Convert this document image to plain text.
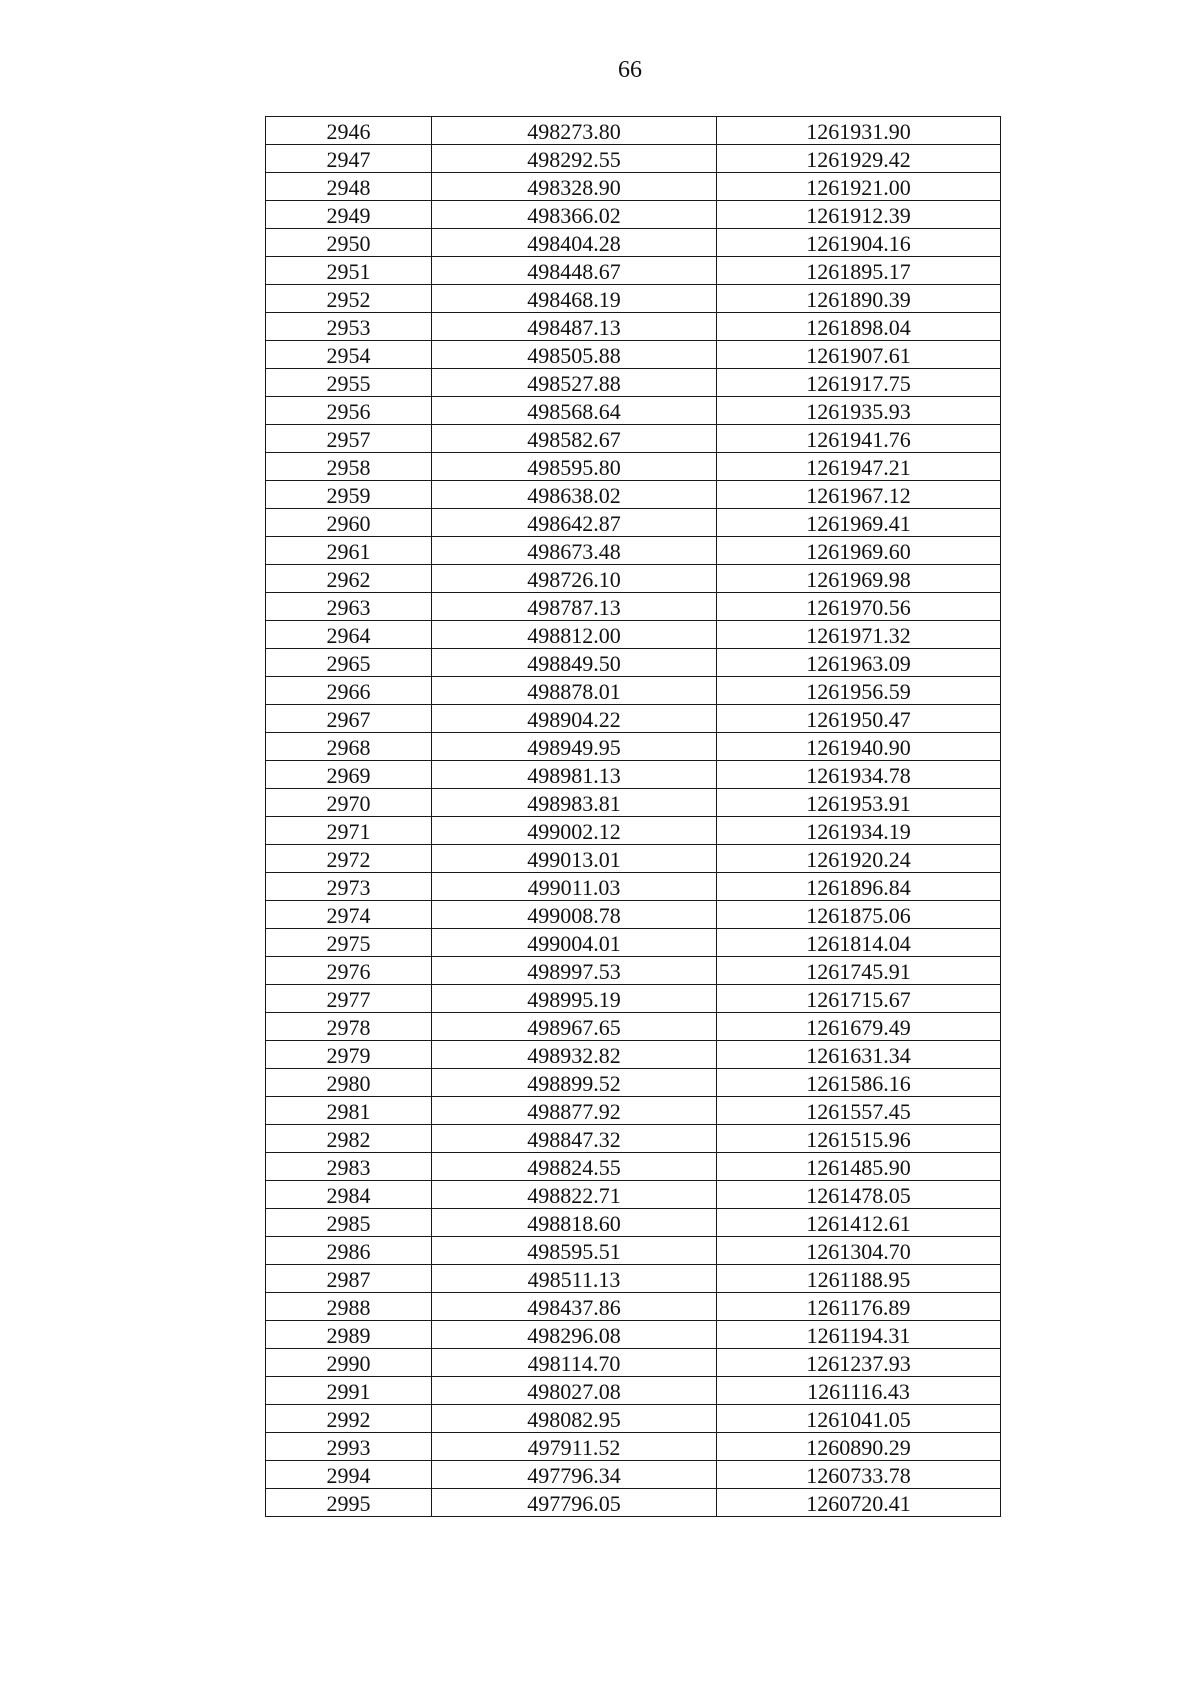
66
2946	498273.80	1261931.90
2947	498292.55	1261929.42
2948	498328.90	1261921.00
2949	498366.02	1261912.39
2950	498404.28	1261904.16
2951	498448.67	1261895.17
2952	498468.19	1261890.39
2953	498487.13	1261898.04
2954	498505.88	1261907.61
2955	498527.88	1261917.75
2956	498568.64	1261935.93
2957	498582.67	1261941.76
2958	498595.80	1261947.21
2959	498638.02	1261967.12
2960	498642.87	1261969.41
2961	498673.48	1261969.60
2962	498726.10	1261969.98
2963	498787.13	1261970.56
2964	498812.00	1261971.32
2965	498849.50	1261963.09
2966	498878.01	1261956.59
2967	498904.22	1261950.47
2968	498949.95	1261940.90
2969	498981.13	1261934.78
2970	498983.81	1261953.91
2971	499002.12	1261934.19
2972	499013.01	1261920.24
2973	499011.03	1261896.84
2974	499008.78	1261875.06
2975	499004.01	1261814.04
2976	498997.53	1261745.91
2977	498995.19	1261715.67
2978	498967.65	1261679.49
2979	498932.82	1261631.34
2980	498899.52	1261586.16
2981	498877.92	1261557.45
2982	498847.32	1261515.96
2983	498824.55	1261485.90
2984	498822.71	1261478.05
2985	498818.60	1261412.61
2986	498595.51	1261304.70
2987	498511.13	1261188.95
2988	498437.86	1261176.89
2989	498296.08	1261194.31
2990	498114.70	1261237.93
2991	498027.08	1261116.43
2992	498082.95	1261041.05
2993	497911.52	1260890.29
2994	497796.34	1260733.78
2995	497796.05	1260720.41
